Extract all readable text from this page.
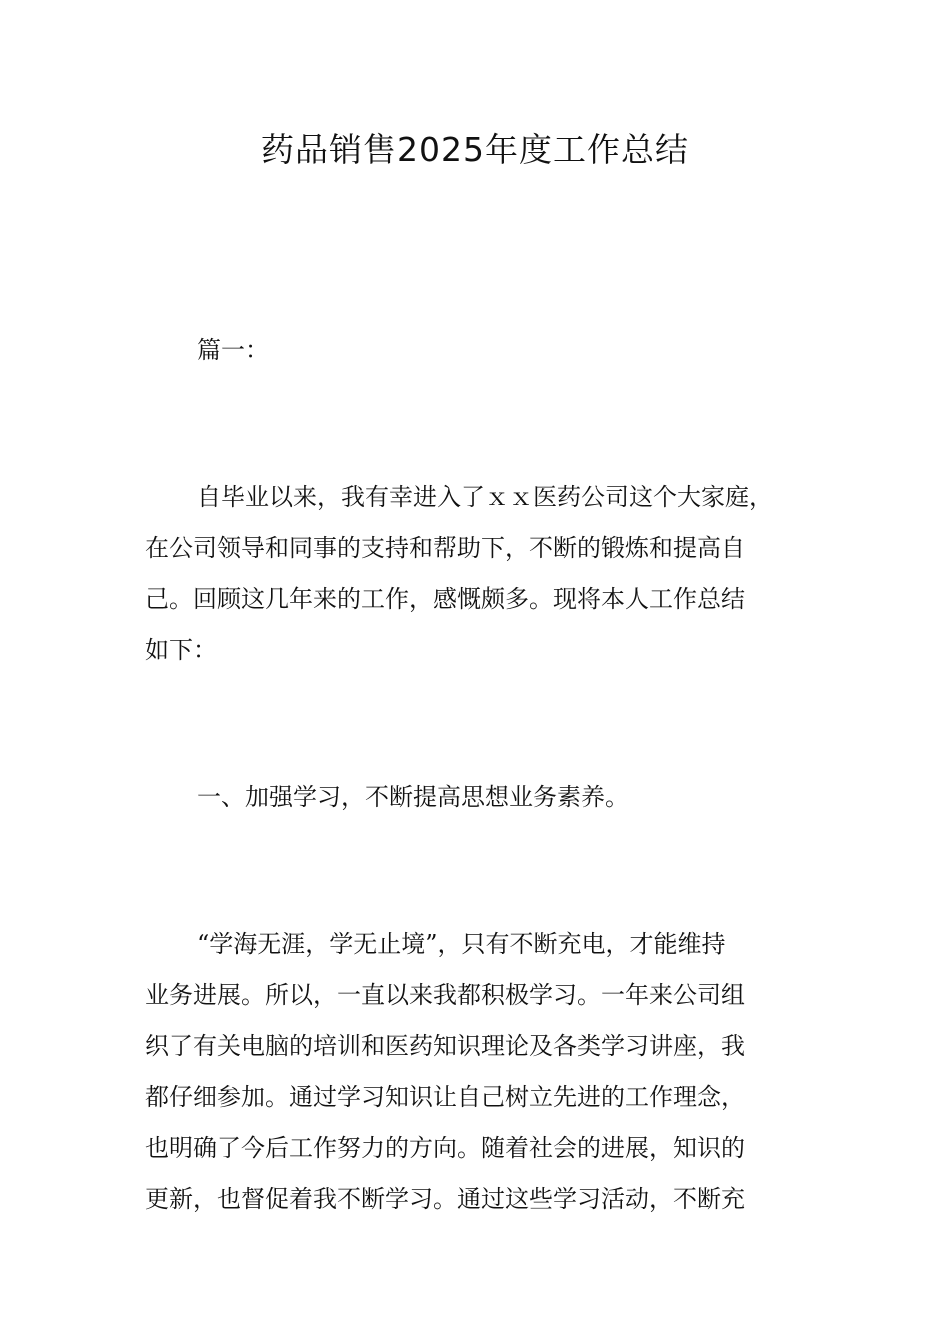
药品销售2025年度工作总结
篇一：
自毕业以来，我有幸进入了ｘｘ医药公司这个大家庭，
在公司领导和同事的支持和帮助下，不断的锻炼和提高自
己。回顾这几年来的工作，感慨颇多。现将本人工作总结
如下：
一、加强学习，不断提高思想业务素养。
“学海无涯，学无止境”，只有不断充电，才能维持
业务进展。所以，一直以来我都积极学习。一年来公司组
织了有关电脑的培训和医药知识理论及各类学习讲座，我
都仔细参加。通过学习知识让自己树立先进的工作理念，
也明确了今后工作努力的方向。随着社会的进展，知识的
更新，也督促着我不断学习。通过这些学习活动，不断充
